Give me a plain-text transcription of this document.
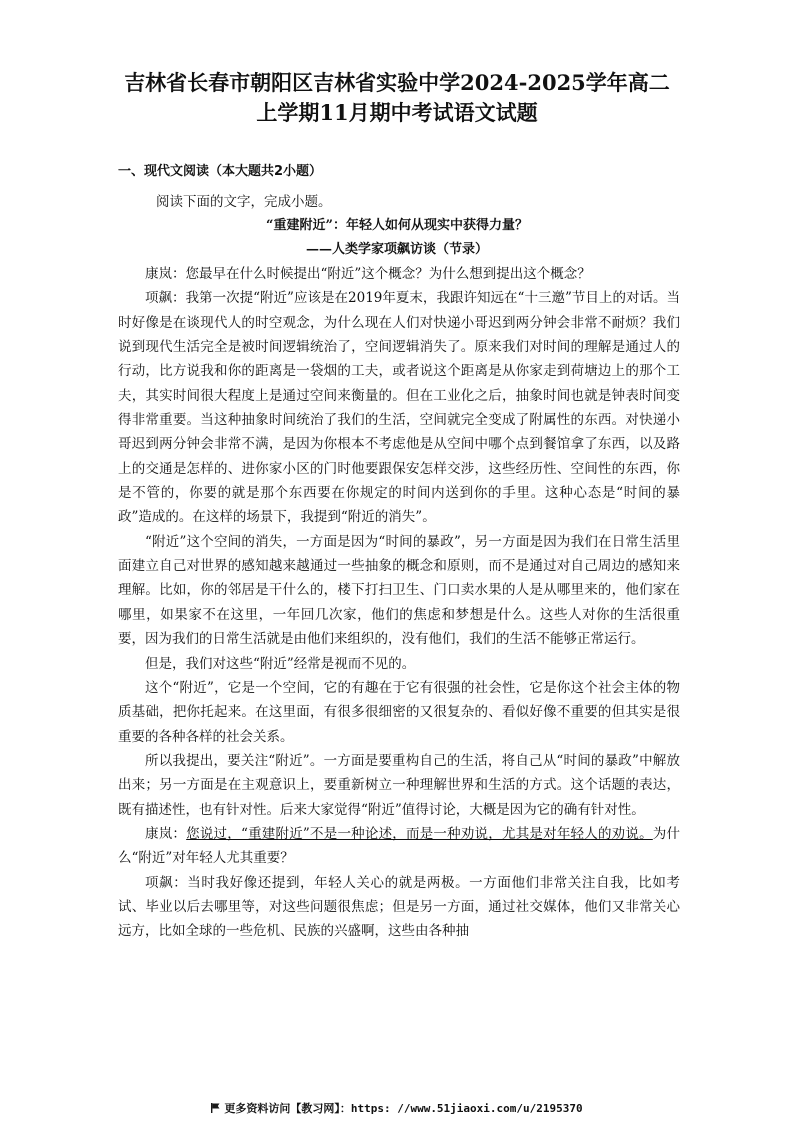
吉林省长春市朝阳区吉林省实验中学2024-2025学年高二
上学期11月期中考试语文试题
一、现代文阅读（本大题共2小题）
阅读下面的文字，完成小题。
“重建附近”：年轻人如何从现实中获得力量？
——人类学家项飙访谈（节录）

康岚：您最早在什么时候提出“附近”这个概念？为什么想到提出这个概念？

项飙：我第一次提“附近”应该是在2019年夏末，我跟许知远在“十三邀”节目上的对话。当时好像是在谈现代人的时空观念，为什么现在人们对快递小哥迟到两分钟会非常不耐烦？我们说到现代生活完全是被时间逻辑统治了，空间逻辑消失了。原来我们对时间的理解是通过人的行动，比方说我和你的距离是一袋烟的工夫，或者说这个距离是从你家走到荷塘边上的那个工夫，其实时间很大程度上是通过空间来衡量的。但在工业化之后，抽象时间也就是钟表时间变得非常重要。当这种抽象时间统治了我们的生活，空间就完全变成了附属性的东西。对快递小哥迟到两分钟会非常不满，是因为你根本不考虑他是从空间中哪个点到餐馆拿了东西，以及路上的交通是怎样的、进你家小区的门时他要跟保安怎样交涉，这些经历性、空间性的东西，你是不管的，你要的就是那个东西要在你规定的时间内送到你的手里。这种心态是“时间的暴政”造成的。在这样的场景下，我提到“附近的消失”。

“附近”这个空间的消失，一方面是因为“时间的暴政”，另一方面是因为我们在日常生活里面建立自己对世界的感知越来越通过一些抽象的概念和原则，而不是通过对自己周边的感知来理解。比如，你的邻居是干什么的，楼下打扫卫生、门口卖水果的人是从哪里来的，他们家在哪里，如果家不在这里，一年回几次家，他们的焦虑和梦想是什么。这些人对你的生活很重要，因为我们的日常生活就是由他们来组织的，没有他们，我们的生活不能够正常运行。

但是，我们对这些“附近”经常是视而不见的。

这个“附近”，它是一个空间，它的有趣在于它有很强的社会性，它是你这个社会主体的物质基础，把你托起来。在这里面，有很多很细密的又很复杂的、看似好像不重要的但其实是很重要的各种各样的社会关系。

所以我提出，要关注“附近”。一方面是要重构自己的生活，将自己从“时间的暴政”中解放出来；另一方面是在主观意识上，要重新树立一种理解世界和生活的方式。这个话题的表达，既有描述性，也有针对性。后来大家觉得“附近”值得讨论，大概是因为它的确有针对性。

康岚：您说过，“重建附近”不是一种论述，而是一种劝说，尤其是对年轻人的劝说。为什么“附近”对年轻人尤其重要？

项飙：当时我好像还提到，年轻人关心的就是两极。一方面他们非常关注自我，比如考试、毕业以后去哪里等，对这些问题很焦虑；但是另一方面，通过社交媒体，他们又非常关心远方，比如全球的一些危机、民族的兴盛啊，这些由各种抽

更多资料访问【教习网】：https: //www.51jiaoxi.com/u/2195370
